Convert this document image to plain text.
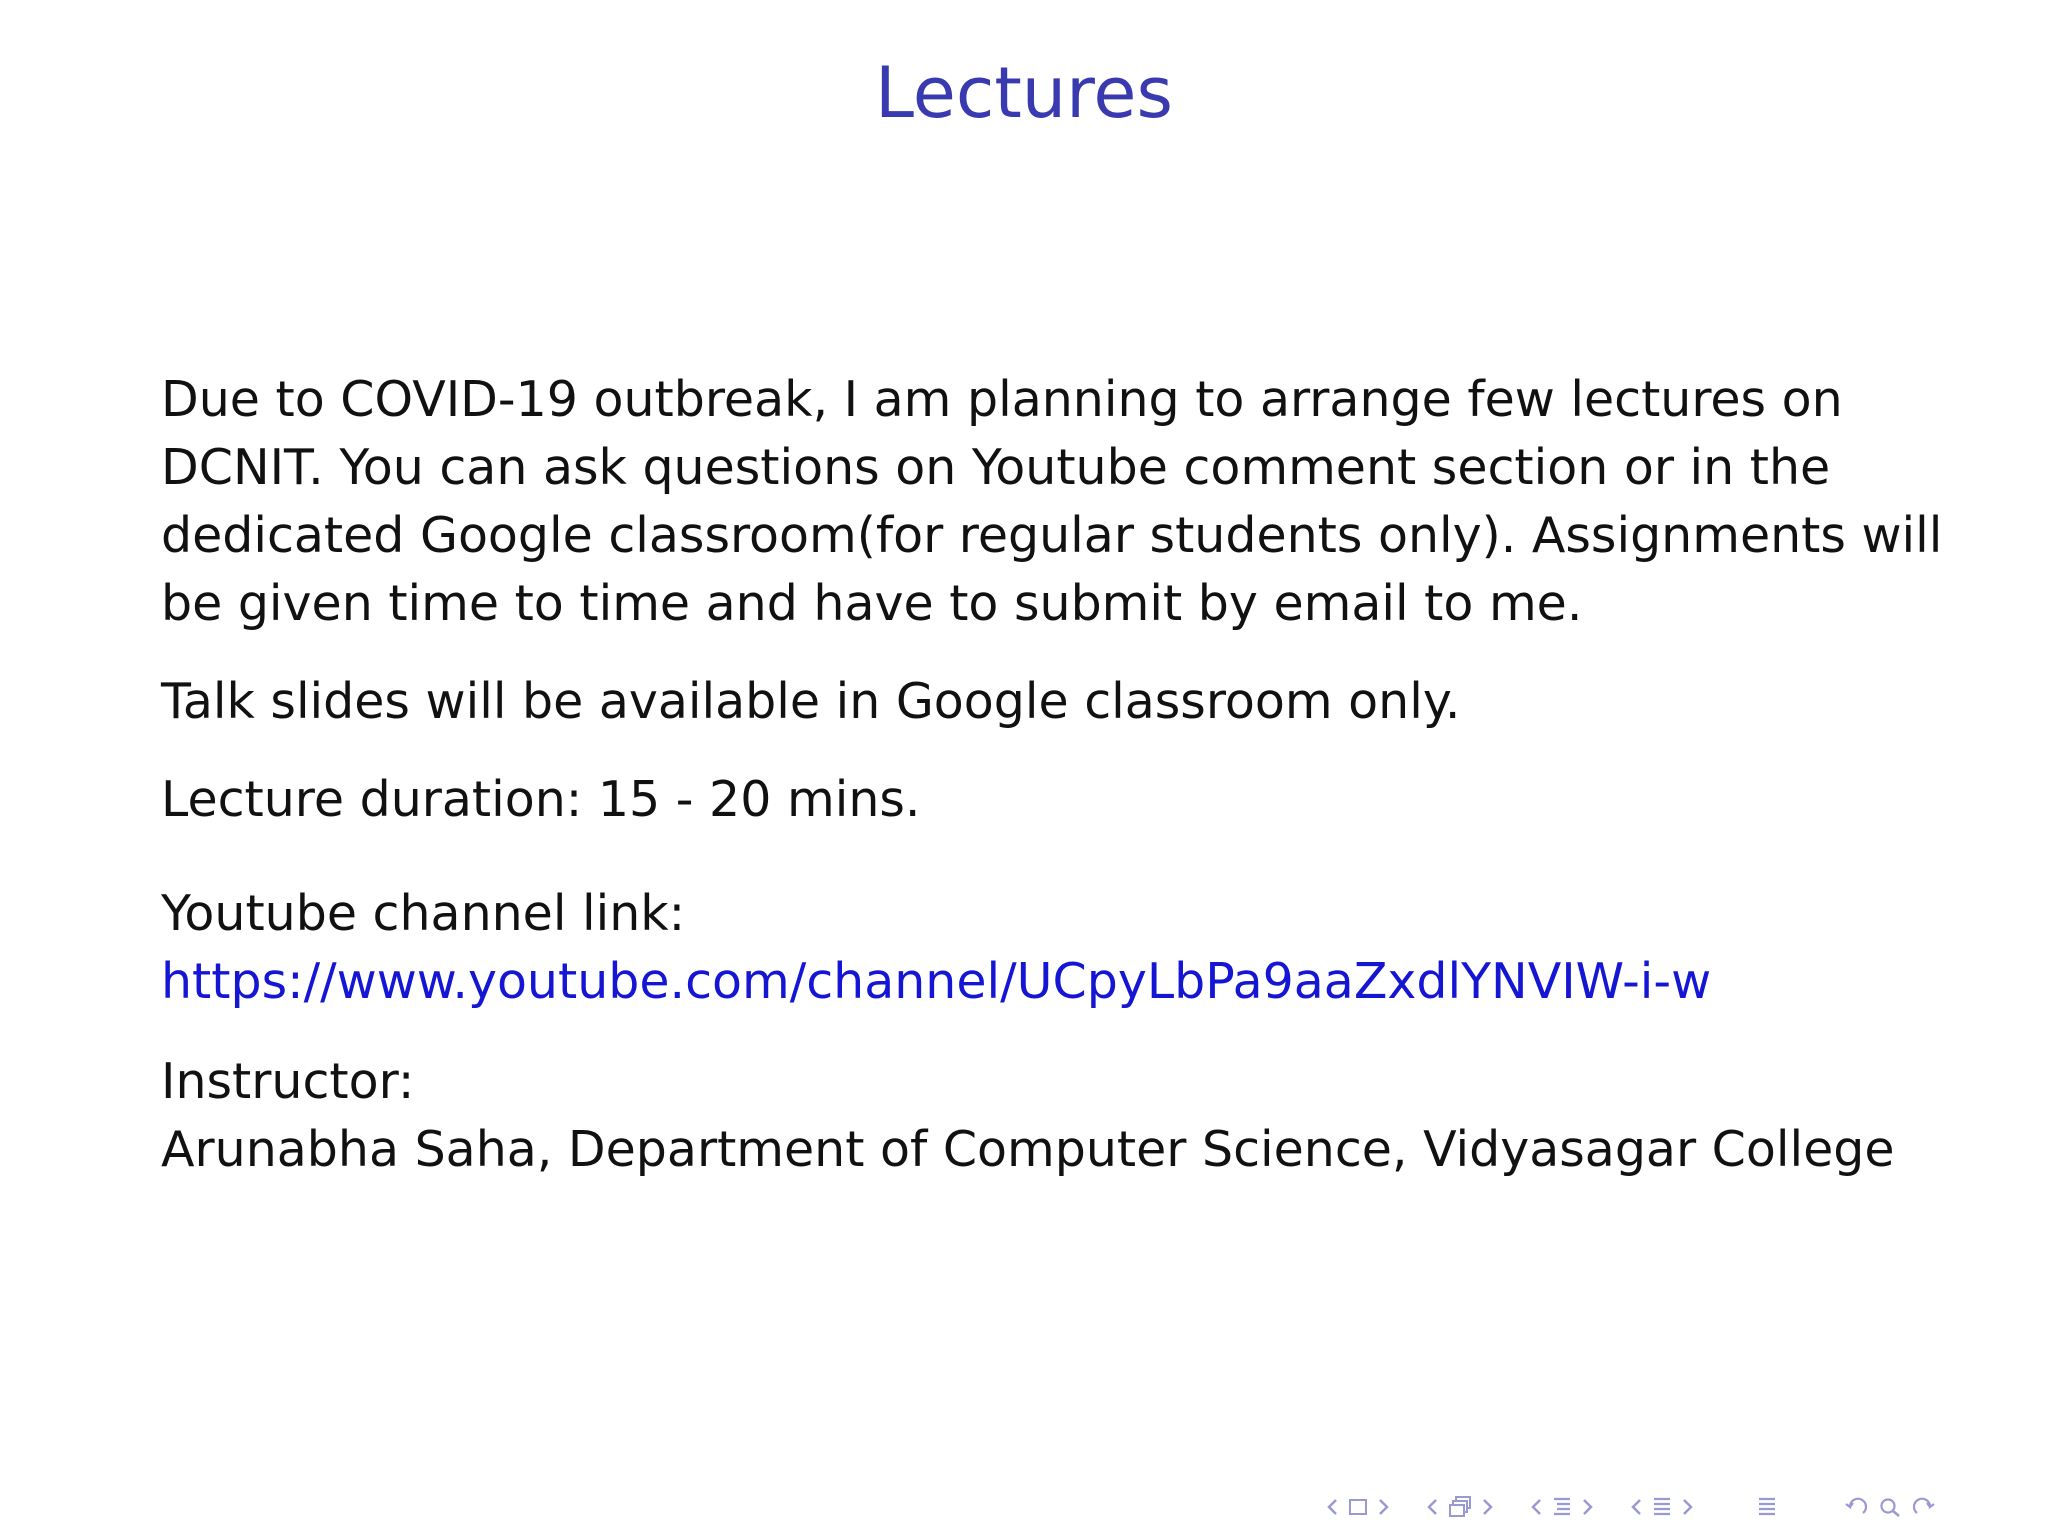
Lectures
Due to COVID-19 outbreak, I am planning to arrange few lectures on
DCNIT. You can ask questions on Youtube comment section or in the
dedicated Google classroom(for regular students only). Assignments will
be given time to time and have to submit by email to me.
Talk slides will be available in Google classroom only.
Lecture duration: 15 - 20 mins.
Youtube channel link:
https://www.youtube.com/channel/UCpyLbPa9aaZxdlYNVIW-i-w
Instructor:
Arunabha Saha, Department of Computer Science, Vidyasagar College
